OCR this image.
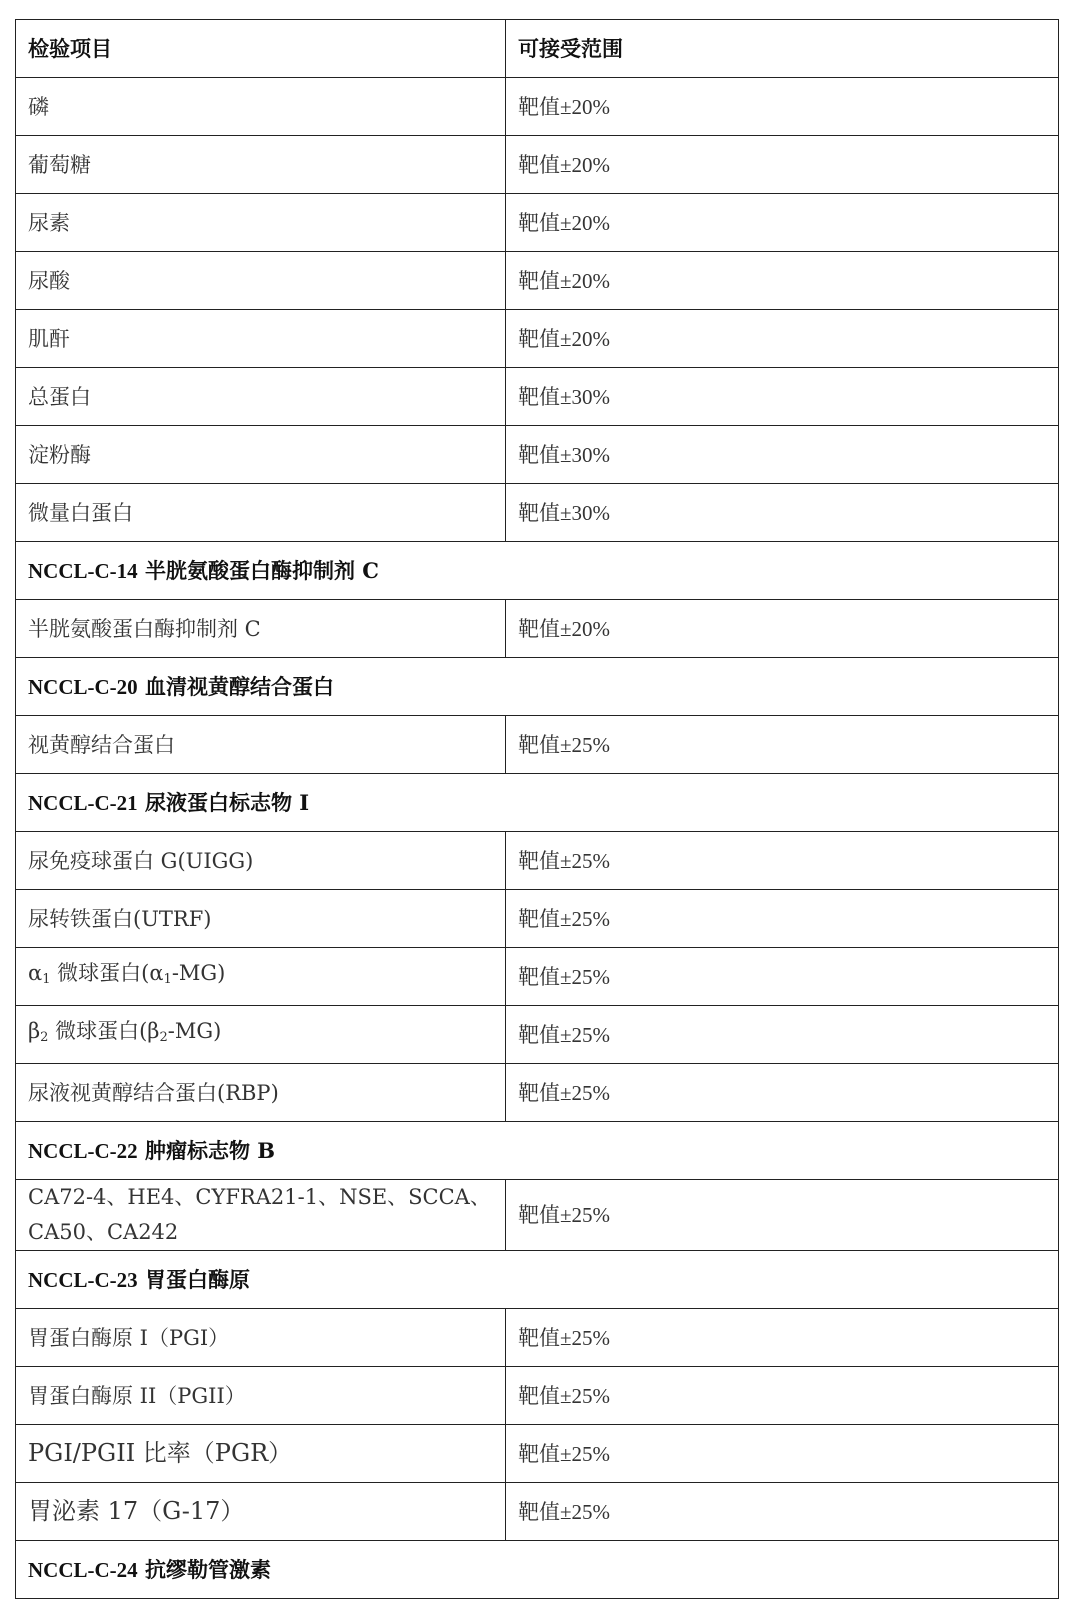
检验项目	可接受范围
磷	靶值±20%
葡萄糖	靶值±20%
尿素	靶值±20%
尿酸	靶值±20%
肌酐	靶值±20%
总蛋白	靶值±30%
淀粉酶	靶值±30%
微量白蛋白	靶值±30%
NCCL-C-14 半胱氨酸蛋白酶抑制剂 C	
半胱氨酸蛋白酶抑制剂 C	靶值±20%
NCCL-C-20 血清视黄醇结合蛋白	
视黄醇结合蛋白	靶值±25%
NCCL-C-21 尿液蛋白标志物 I	
尿免疫球蛋白 G(UIGG)	靶值±25%
尿转铁蛋白(UTRF)	靶值±25%
$\alpha_1$ 微球蛋白$(\alpha_1-MG)$	靶值±25%
$\beta_2$ 微球蛋白$(\beta_2-MG)$	靶值±25%
尿液视黄醇结合蛋白(RBP)	靶值±25%
NCCL-C-22 肿瘤标志物 B	

CA72-4、HE4、CYFRA21-1、NSE、SCCA、CA50、CA242	靶值±25%
NCCL-C-23 胃蛋白酶原	
胃蛋白酶原 I（PGI）	靶值±25%
胃蛋白酶原 II（PGII）	靶值±25%
PGI/PGII 比率（PGR）	靶值±25%
胃泌素 17（G-17）	靶值±25%
NCCL-C-24 抗缪勒管激素	
